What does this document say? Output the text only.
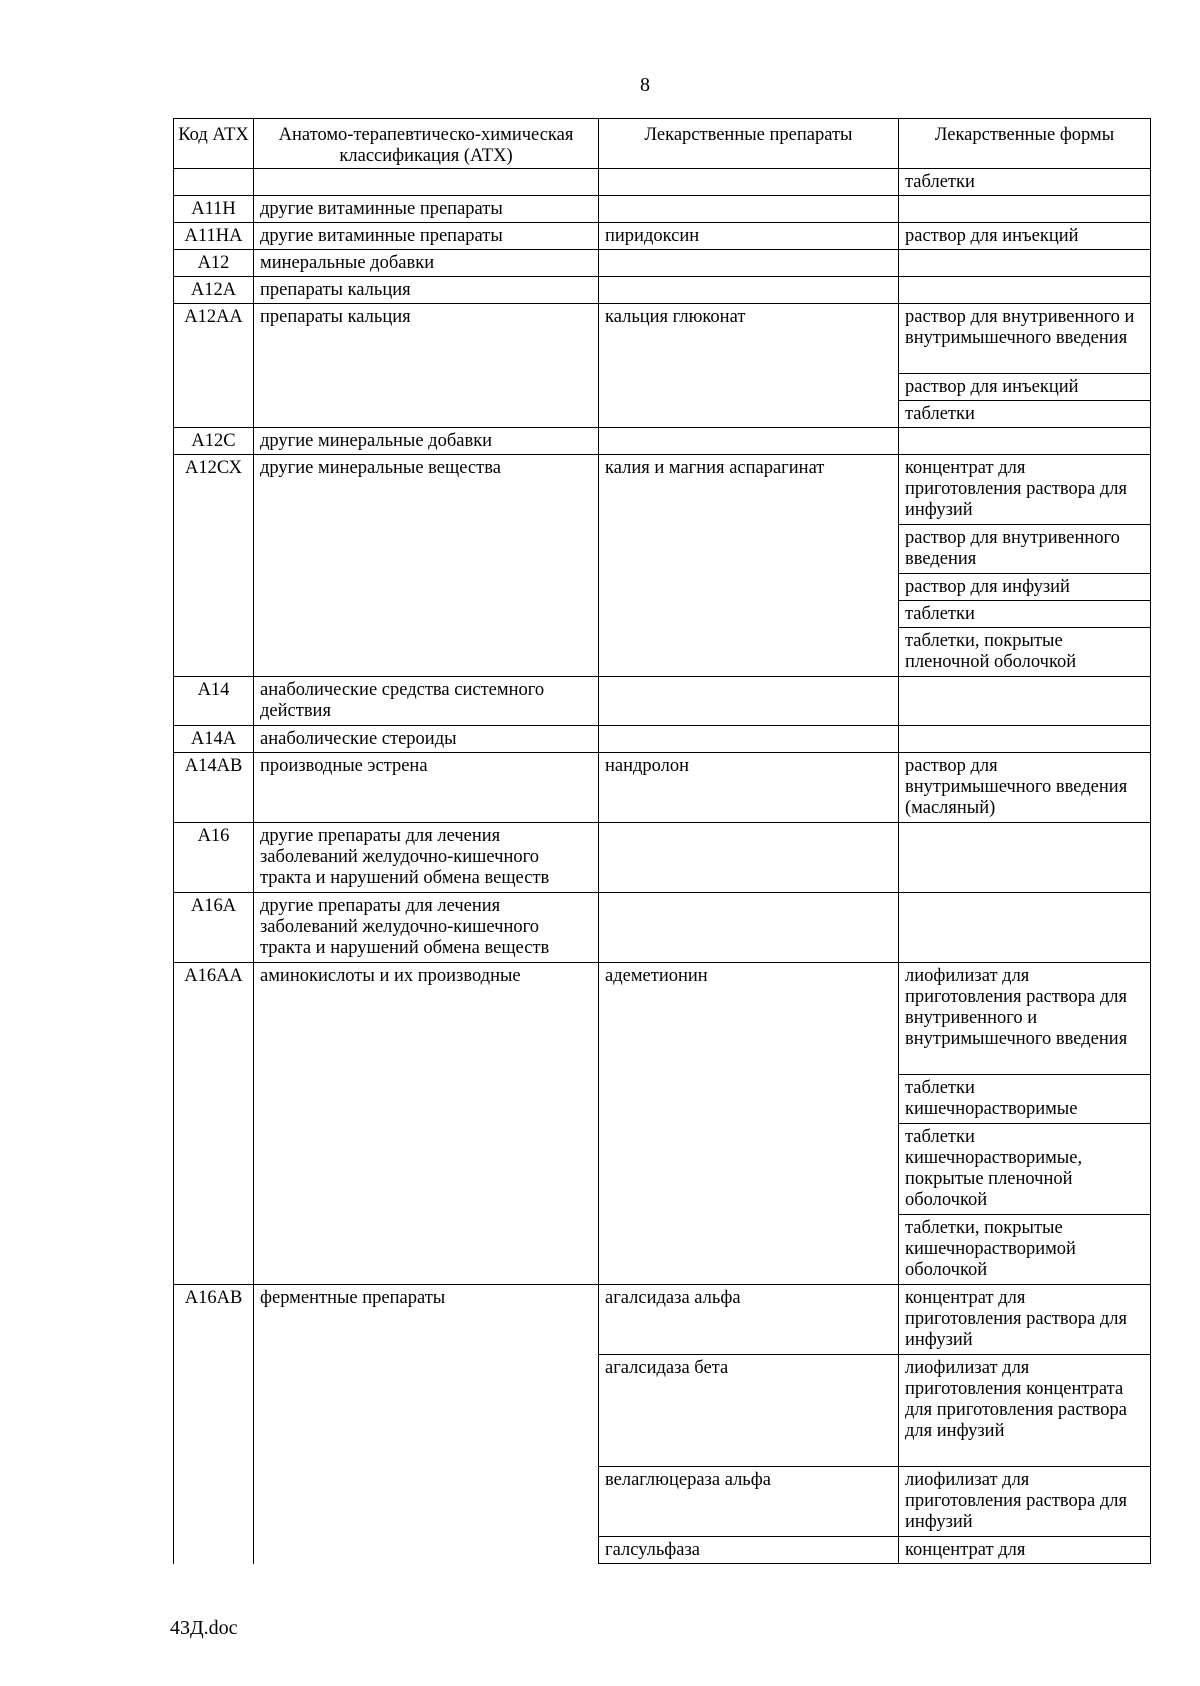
8
Код АТХ	Анатомо-терапевтическо-химическая классификация (АТХ)	Лекарственные препараты	Лекарственные формы
			таблетки
А11Н	другие витаминные препараты		
А11НА	другие витаминные препараты	пиридоксин	раствор для инъекций
А12	минеральные добавки		
А12А	препараты кальция		
А12АА	препараты кальция	кальция глюконат	раствор для внутривенного и внутримышечного введения
			раствор для инъекций
			таблетки
А12С	другие минеральные добавки		
А12СХ	другие минеральные вещества	калия и магния аспарагинат	концентрат для приготовления раствора для инфузий
			раствор для внутривенного введения
			раствор для инфузий
			таблетки
			таблетки, покрытые пленочной оболочкой
А14	анаболические средства системного действия		
А14А	анаболические стероиды		
А14АВ	производные эстрена	нандролон	раствор для внутримышечного введения (масляный)
А16	другие препараты для лечения заболеваний желудочно-кишечного тракта и нарушений обмена веществ		
А16А	другие препараты для лечения заболеваний желудочно-кишечного тракта и нарушений обмена веществ		
А16АА	аминокислоты и их производные	адеметионин	лиофилизат для приготовления раствора для внутривенного и внутримышечного введения
			таблетки кишечнорастворимые
			таблетки кишечнорастворимые, покрытые пленочной оболочкой
			таблетки, покрытые кишечнорастворимой оболочкой
А16АВ	ферментные препараты	агалсидаза альфа	концентрат для приготовления раствора для инфузий
		агалсидаза бета	лиофилизат для приготовления концентрата для приготовления раствора для инфузий
		велаглюцераза альфа	лиофилизат для приготовления раствора для инфузий
		галсульфаза	концентрат для
43Д.doc
